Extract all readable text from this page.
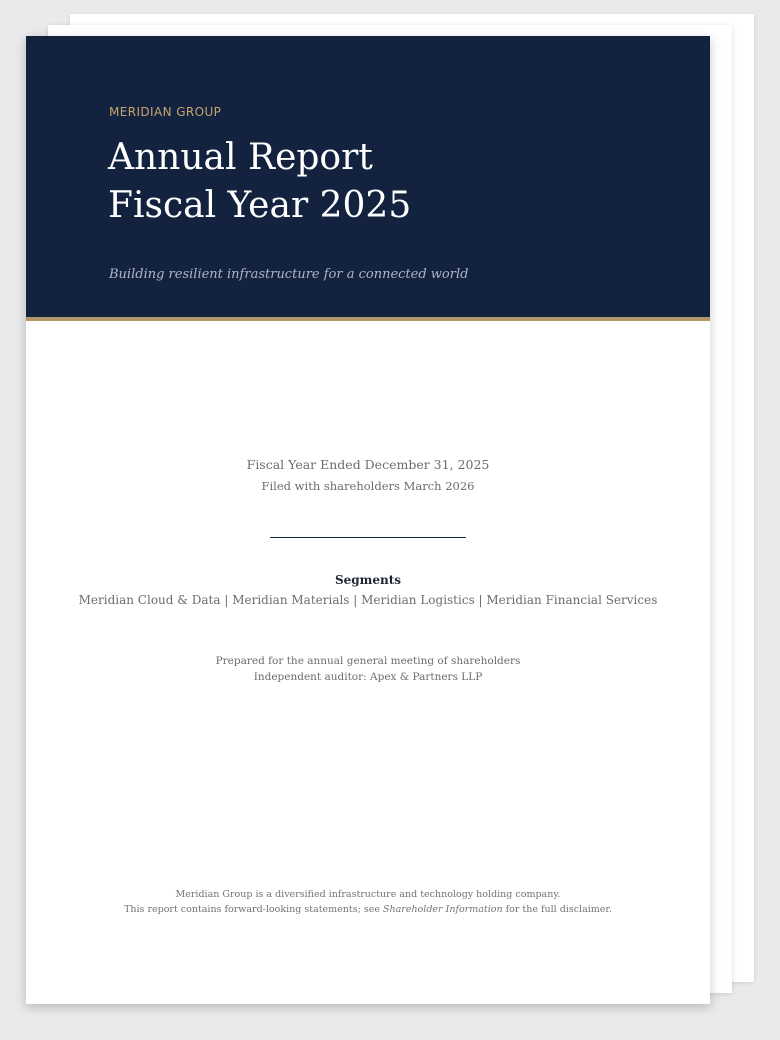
MERIDIAN GROUP
Annual Report
Fiscal Year 2025
Building resilient infrastructure for a connected world
Fiscal Year Ended December 31, 2025
Filed with shareholders March 2026
Segments
Meridian Cloud & Data | Meridian Materials | Meridian Logistics | Meridian Financial Services
Prepared for the annual general meeting of shareholders
Independent auditor: Apex & Partners LLP
Meridian Group is a diversified infrastructure and technology holding company.
This report contains forward-looking statements; see Shareholder Information for the full disclaimer.
